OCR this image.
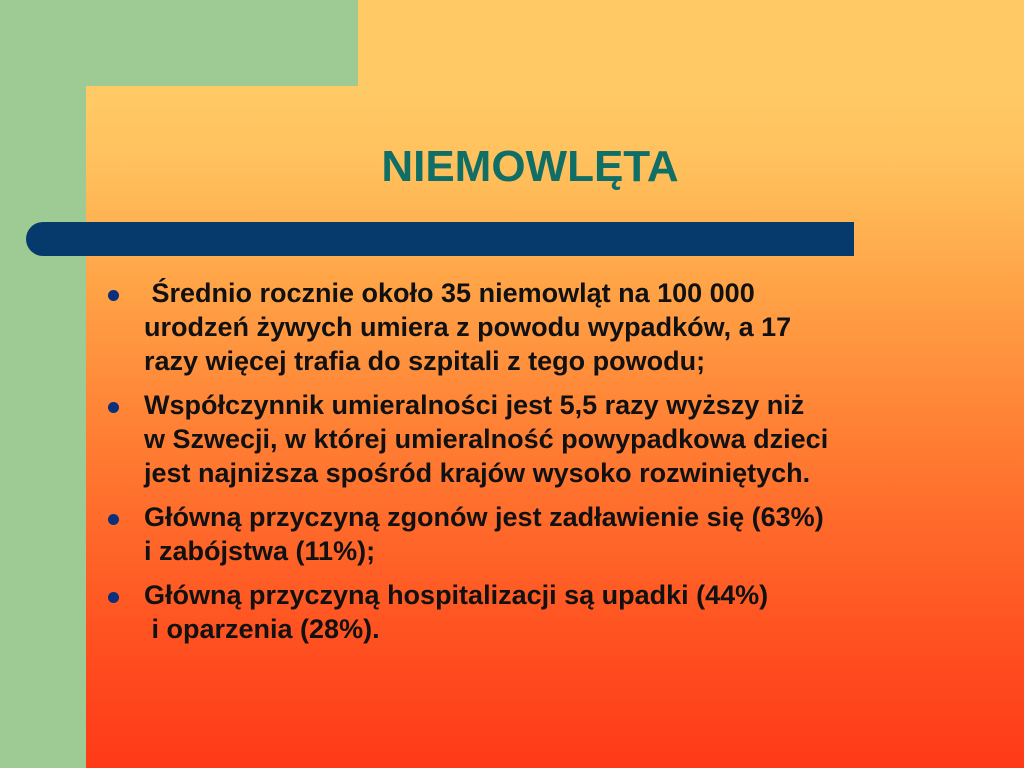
NIEMOWLĘTA
Średnio rocznie około 35 niemowląt na 100 000
urodzeń żywych umiera z powodu wypadków, a 17
razy więcej trafia do szpitali z tego powodu;
Współczynnik umieralności jest 5,5 razy wyższy niż
w Szwecji, w której umieralność powypadkowa dzieci
jest najniższa spośród krajów wysoko rozwiniętych.
Główną przyczyną zgonów jest zadławienie się (63%)
i zabójstwa (11%);
Główną przyczyną hospitalizacji są upadki (44%)
i oparzenia (28%).
